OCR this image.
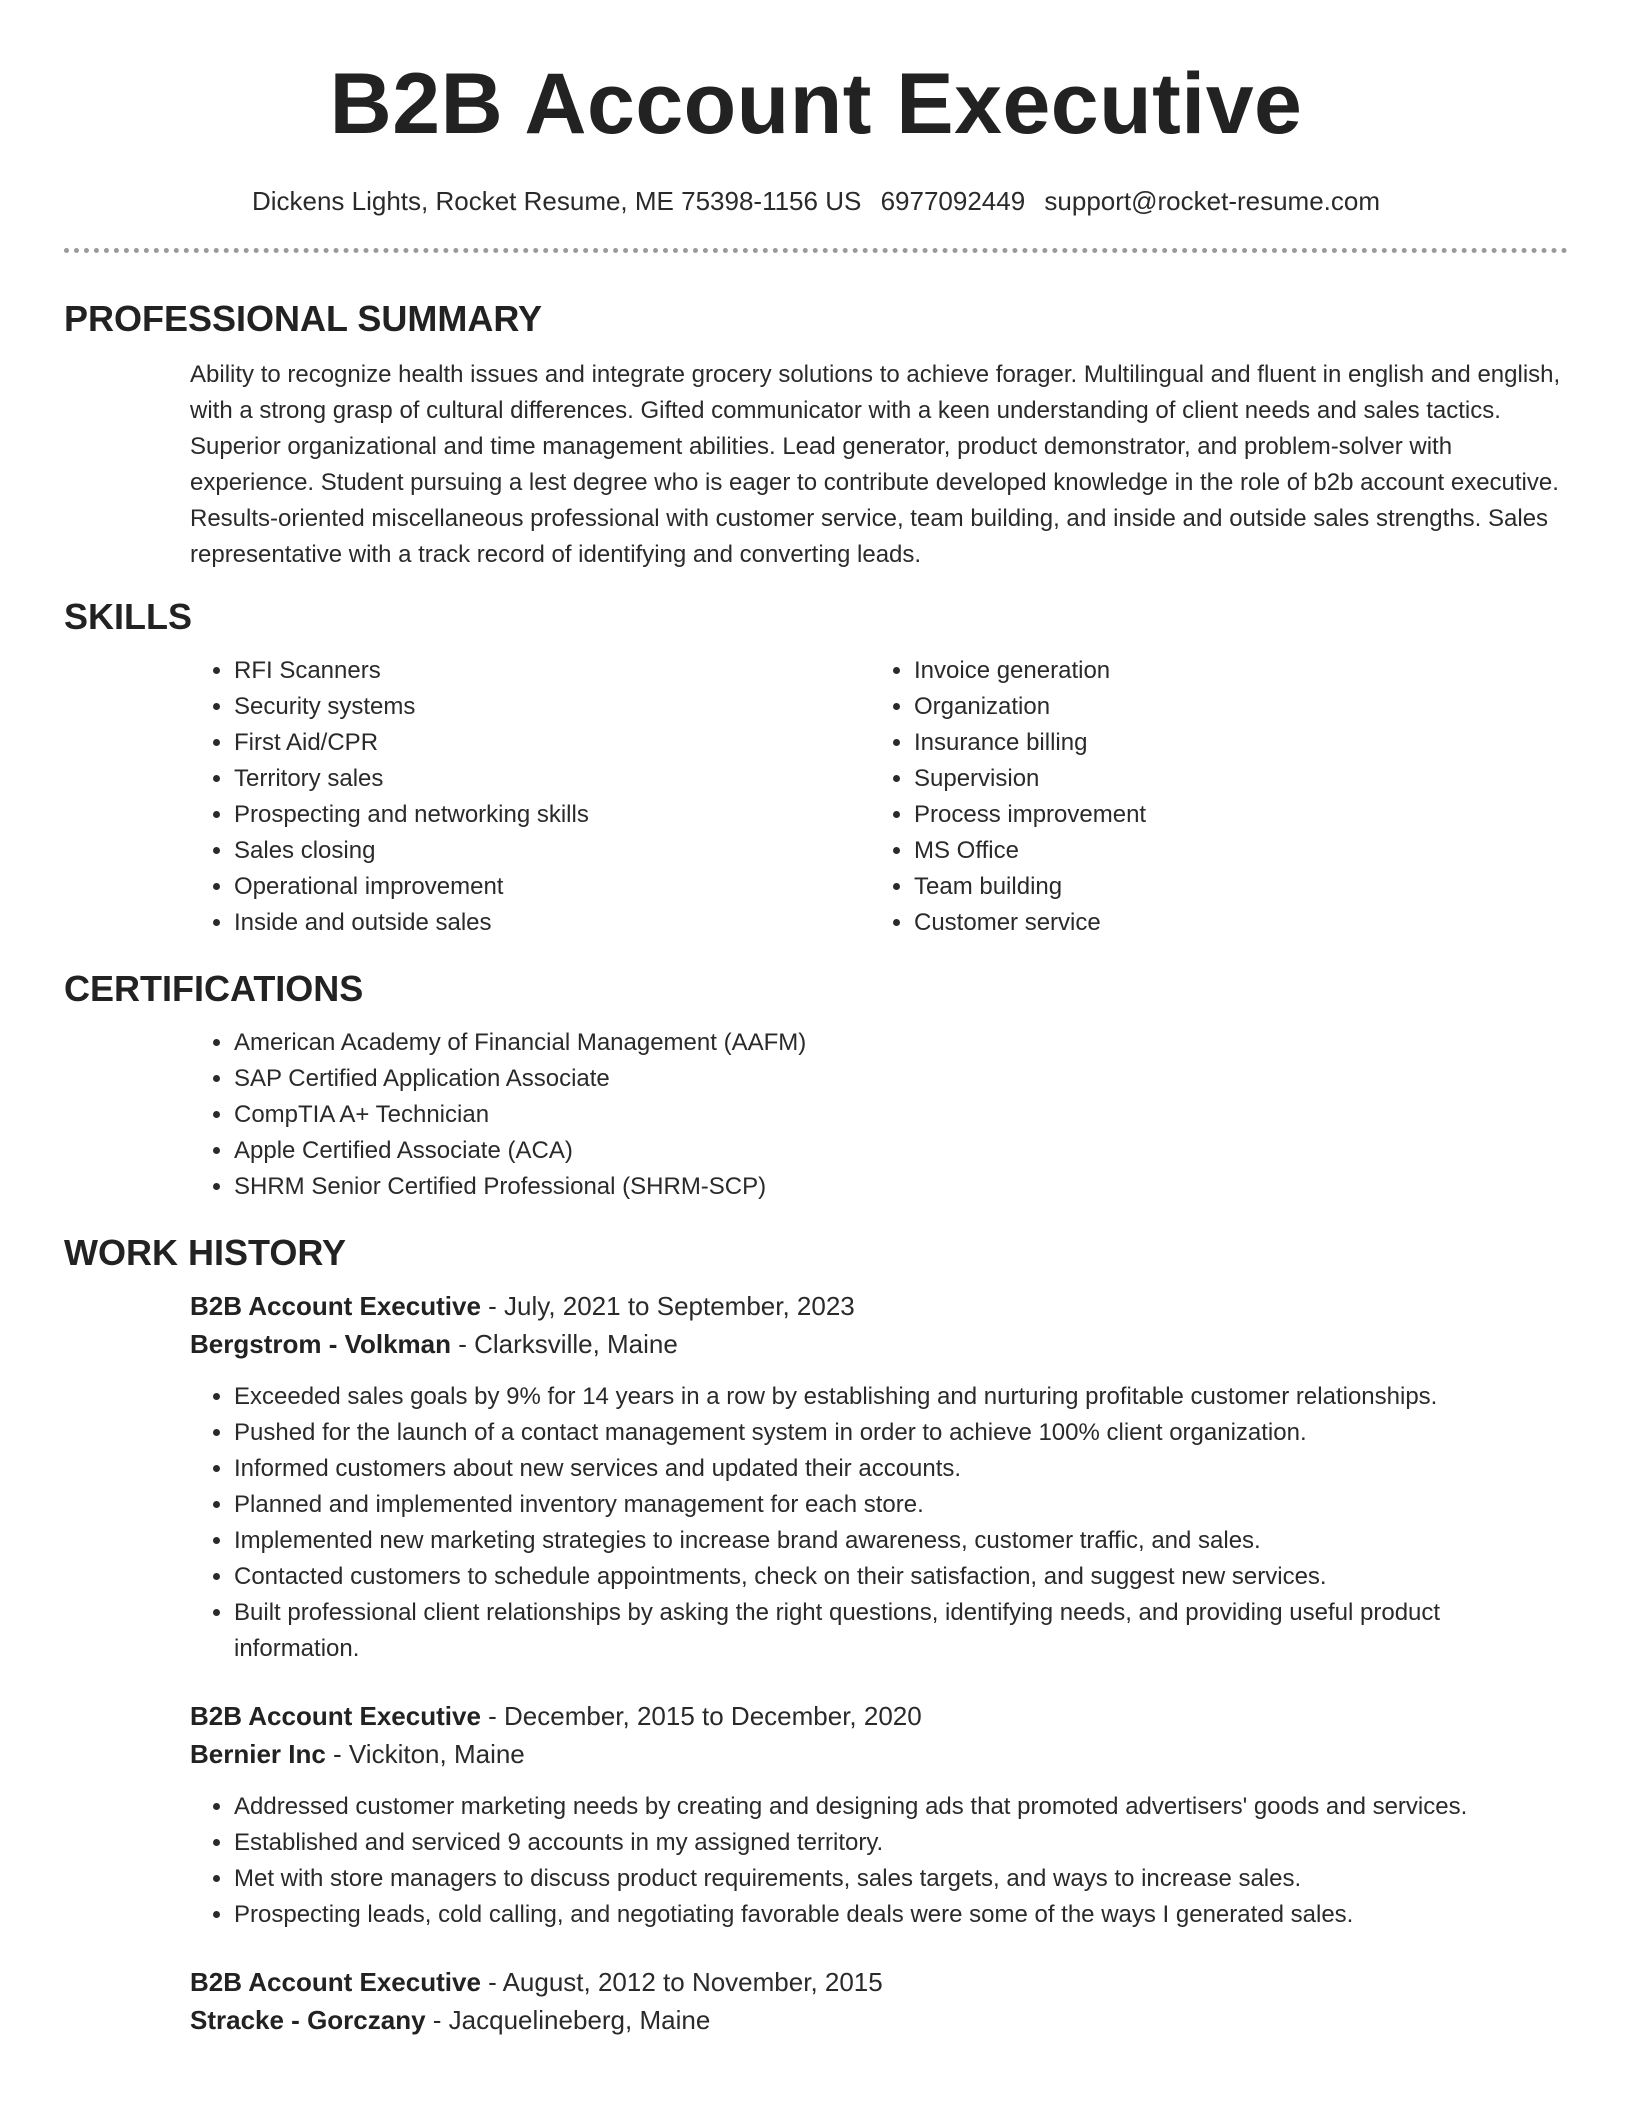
B2B Account Executive
Dickens Lights, Rocket Resume, ME 75398-1156 US 6977092449 support@rocket-resume.com
PROFESSIONAL SUMMARY

Ability to recognize health issues and integrate grocery solutions to achieve forager. Multilingual and fluent in english and english, with a strong grasp of cultural differences. Gifted communicator with a keen understanding of client needs and sales tactics. Superior organizational and time management abilities. Lead generator, product demonstrator, and problem-solver with experience. Student pursuing a lest degree who is eager to contribute developed knowledge in the role of b2b account executive. Results-oriented miscellaneous professional with customer service, team building, and inside and outside sales strengths. Sales representative with a track record of identifying and converting leads.

SKILLS
• RFI Scanners
• Security systems
• First Aid/CPR
• Territory sales
• Prospecting and networking skills
• Sales closing
• Operational improvement
• Inside and outside sales
• Invoice generation
• Organization
• Insurance billing
• Supervision
• Process improvement
• MS Office
• Team building
• Customer service
CERTIFICATIONS
• American Academy of Financial Management (AAFM)
• SAP Certified Application Associate
• CompTIA A+ Technician
• Apple Certified Associate (ACA)
• SHRM Senior Certified Professional (SHRM-SCP)
WORK HISTORY
B2B Account Executive - July, 2021 to September, 2023
Bergstrom - Volkman - Clarksville, Maine
• Exceeded sales goals by 9% for 14 years in a row by establishing and nurturing profitable customer relationships.
• Pushed for the launch of a contact management system in order to achieve 100% client organization.
• Informed customers about new services and updated their accounts.
• Planned and implemented inventory management for each store.
• Implemented new marketing strategies to increase brand awareness, customer traffic, and sales.
• Contacted customers to schedule appointments, check on their satisfaction, and suggest new services.
• Built professional client relationships by asking the right questions, identifying needs, and providing useful product information.
B2B Account Executive - December, 2015 to December, 2020
Bernier Inc - Vickiton, Maine
• Addressed customer marketing needs by creating and designing ads that promoted advertisers' goods and services.
• Established and serviced 9 accounts in my assigned territory.
• Met with store managers to discuss product requirements, sales targets, and ways to increase sales.
• Prospecting leads, cold calling, and negotiating favorable deals were some of the ways I generated sales.
B2B Account Executive - August, 2012 to November, 2015
Stracke - Gorczany - Jacquelineberg, Maine
